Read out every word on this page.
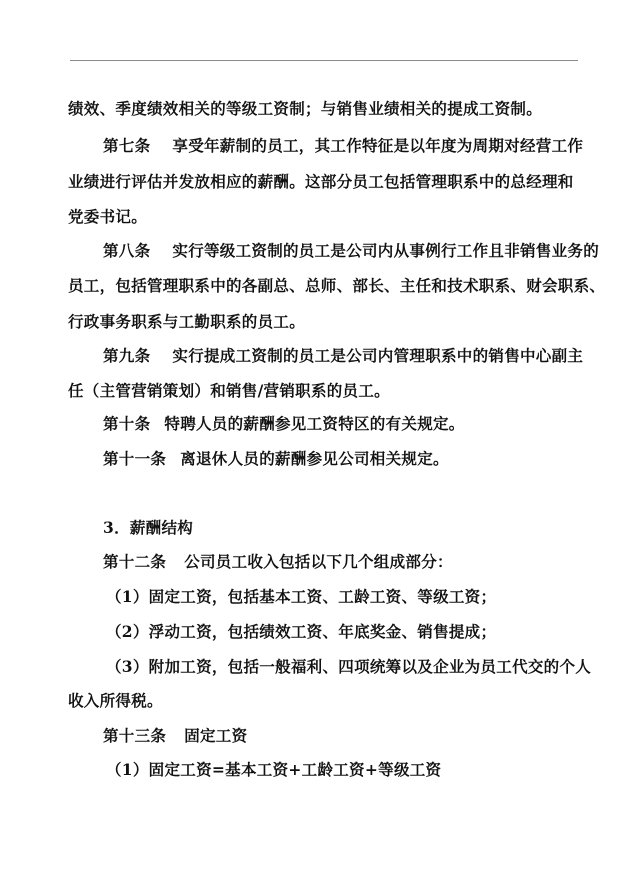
绩效、季度绩效相关的等级工资制；与销售业绩相关的提成工资制。
第七条 享受年薪制的员工，其工作特征是以年度为周期对经营工作
业绩进行评估并发放相应的薪酬。这部分员工包括管理职系中的总经理和
党委书记。
第八条 实行等级工资制的员工是公司内从事例行工作且非销售业务的
员工，包括管理职系中的各副总、总师、部长、主任和技术职系、财会职系、
行政事务职系与工勤职系的员工。
第九条 实行提成工资制的员工是公司内管理职系中的销售中心副主
任（主管营销策划）和销售/营销职系的员工。
第十条 特聘人员的薪酬参见工资特区的有关规定。
第十一条 离退休人员的薪酬参见公司相关规定。
3．薪酬结构
第十二条 公司员工收入包括以下几个组成部分：
（1）固定工资，包括基本工资、工龄工资、等级工资；
（2）浮动工资，包括绩效工资、年底奖金、销售提成；
（3）附加工资，包括一般福利、四项统筹以及企业为员工代交的个人
收入所得税。
第十三条 固定工资
（1）固定工资=基本工资+工龄工资+等级工资
